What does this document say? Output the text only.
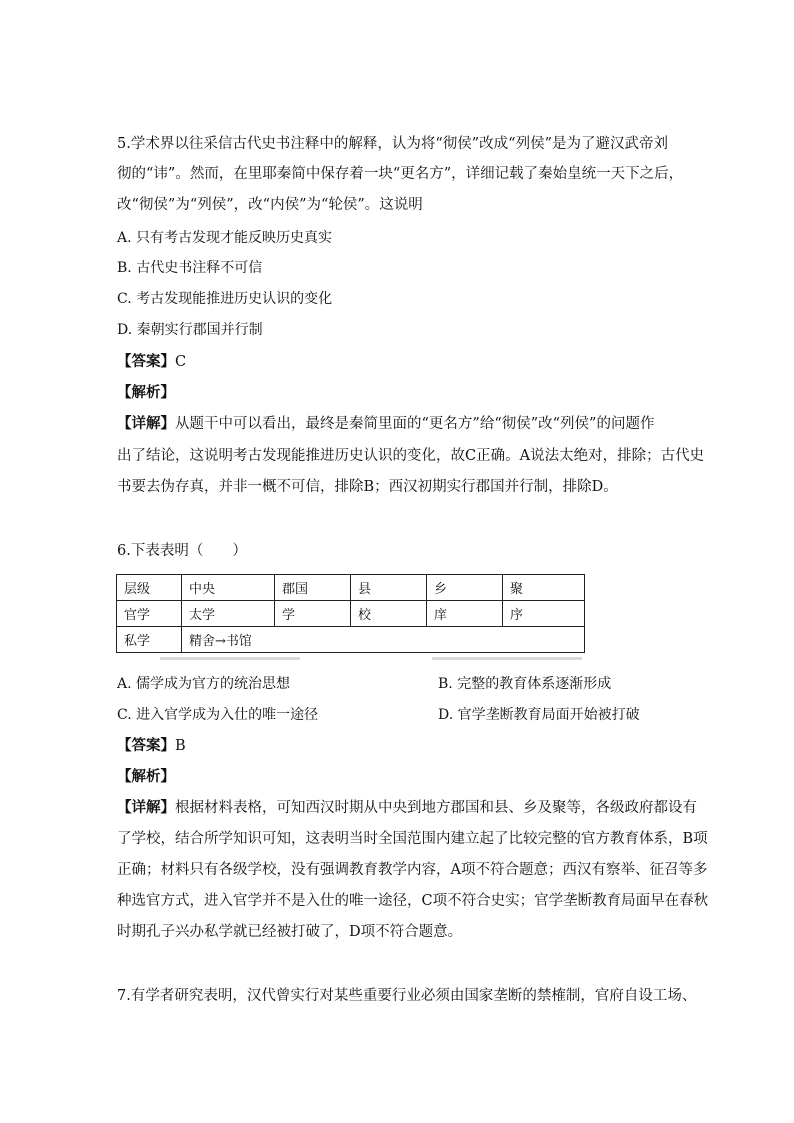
5.学术界以往采信古代史书注释中的解释，认为将“彻侯”改成“列侯”是为了避汉武帝刘
彻的“讳”。然而，在里耶秦简中保存着一块“更名方”，详细记载了秦始皇统一天下之后，
改“彻侯”为“列侯”，改“内侯”为“轮侯”。这说明
A. 只有考古发现才能反映历史真实
B. 古代史书注释不可信
C. 考古发现能推进历史认识的变化
D. 秦朝实行郡国并行制
【答案】C
【解析】
【详解】从题干中可以看出，最终是秦简里面的“更名方”给“彻侯”改“列侯”的问题作
出了结论，这说明考古发现能推进历史认识的变化，故C正确。A说法太绝对，排除；古代史
书要去伪存真，并非一概不可信，排除B；西汉初期实行郡国并行制，排除D。
6.下表表明（　　）
层级	中央	郡国	县	乡	聚
官学	太学	学	校	庠	序
私学	精舍→书馆				
A. 儒学成为官方的统治思想	B. 完整的教育体系逐渐形成
C. 进入官学成为入仕的唯一途径	D. 官学垄断教育局面开始被打破
【答案】B
【解析】
【详解】根据材料表格，可知西汉时期从中央到地方郡国和县、乡及聚等，各级政府都设有
了学校，结合所学知识可知，这表明当时全国范围内建立起了比较完整的官方教育体系，B项
正确；材料只有各级学校，没有强调教育教学内容，A项不符合题意；西汉有察举、征召等多
种选官方式，进入官学并不是入仕的唯一途径，C项不符合史实；官学垄断教育局面早在春秋
时期孔子兴办私学就已经被打破了，D项不符合题意。
7.有学者研究表明，汉代曾实行对某些重要行业必须由国家垄断的禁榷制，官府自设工场、
